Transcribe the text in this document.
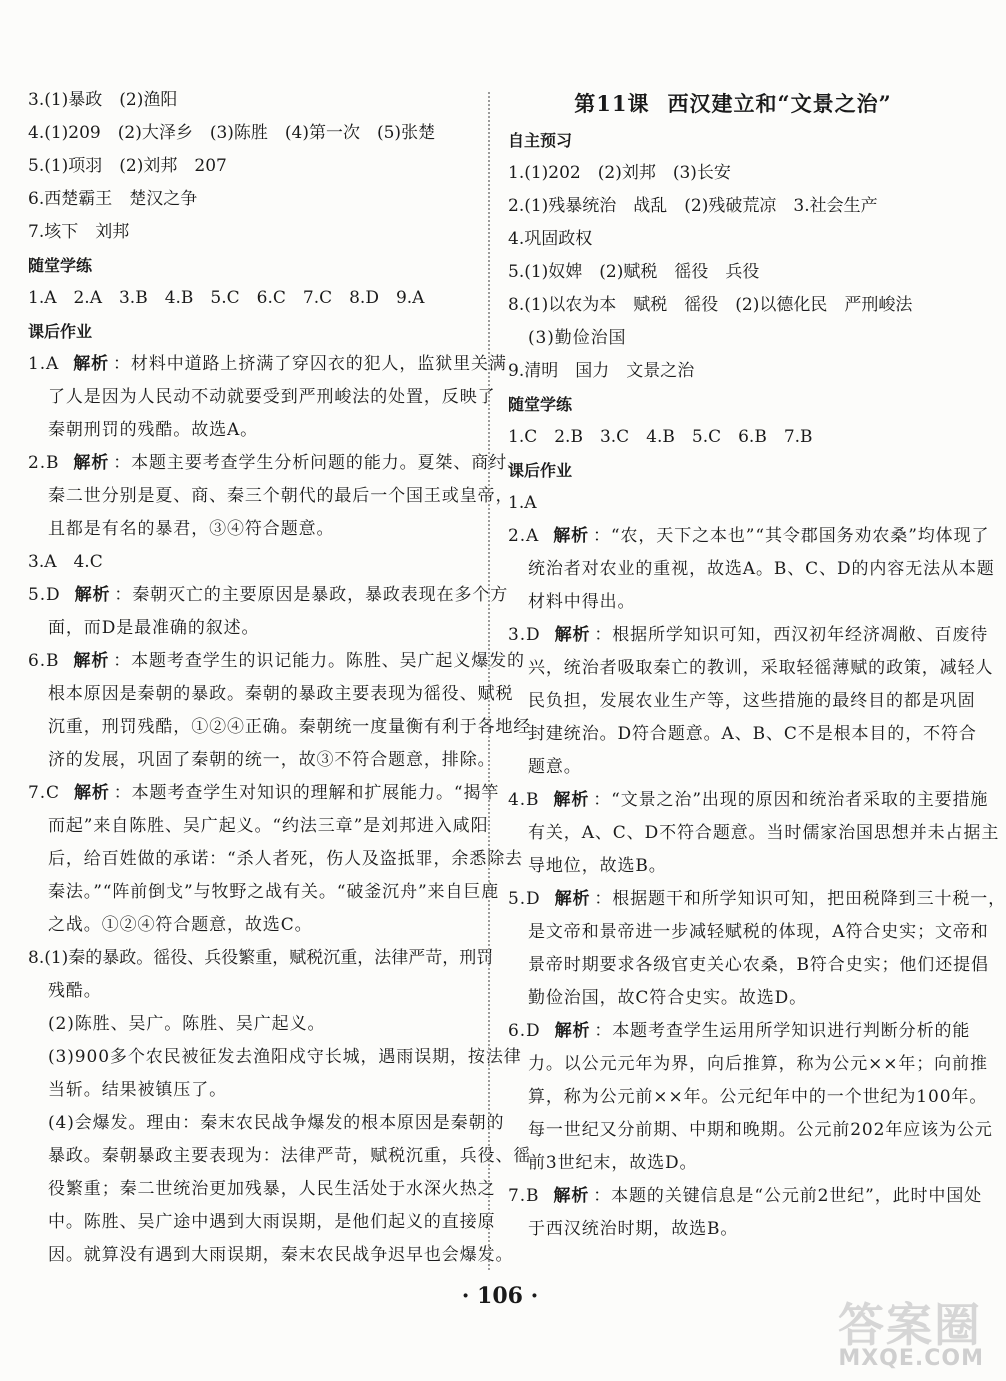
3.(1)暴政　(2)渔阳
4.(1)209　(2)大泽乡　(3)陈胜　(4)第一次　(5)张楚
5.(1)项羽　(2)刘邦　207
6.西楚霸王　楚汉之争
7.垓下　刘邦
随堂学练
1.A　2.A　3.B　4.B　5.C　6.C　7.C　8.D　9.A
课后作业
1.A 解析 ：材料中道路上挤满了穿囚衣的犯人，监狱里关满
了人是因为人民动不动就要受到严刑峻法的处置，反映了
秦朝刑罚的残酷。故选A。
2.B 解析 ：本题主要考查学生分析问题的能力。夏桀、商纣、
秦二世分别是夏、商、秦三个朝代的最后一个国王或皇帝，
且都是有名的暴君，③④符合题意。
3.A　4.C
5.D 解析 ：秦朝灭亡的主要原因是暴政，暴政表现在多个方
面，而D是最准确的叙述。
6.B 解析 ：本题考查学生的识记能力。陈胜、吴广起义爆发的
根本原因是秦朝的暴政。秦朝的暴政主要表现为徭役、赋税
沉重，刑罚残酷，①②④正确。秦朝统一度量衡有利于各地经
济的发展，巩固了秦朝的统一，故③不符合题意，排除。
7.C 解析 ：本题考查学生对知识的理解和扩展能力。“揭竿
而起”来自陈胜、吴广起义。“约法三章”是刘邦进入咸阳
后，给百姓做的承诺：“杀人者死，伤人及盗抵罪，余悉除去
秦法。”“阵前倒戈”与牧野之战有关。“破釜沉舟”来自巨鹿
之战。①②④符合题意，故选C。
8.(1)秦的暴政。徭役、兵役繁重，赋税沉重，法律严苛，刑罚
残酷。
(2)陈胜、吴广。陈胜、吴广起义。
(3)900多个农民被征发去渔阳戍守长城，遇雨误期，按法律
当斩。结果被镇压了。
(4)会爆发。理由：秦末农民战争爆发的根本原因是秦朝的
暴政。秦朝暴政主要表现为：法律严苛，赋税沉重，兵役、徭
役繁重；秦二世统治更加残暴，人民生活处于水深火热之
中。陈胜、吴广途中遇到大雨误期，是他们起义的直接原
因。就算没有遇到大雨误期，秦末农民战争迟早也会爆发。
第11课 西汉建立和“文景之治”
自主预习
1.(1)202　(2)刘邦　(3)长安
2.(1)残暴统治　战乱　(2)残破荒凉　3.社会生产
4.巩固政权
5.(1)奴婢　(2)赋税　徭役　兵役
8.(1)以农为本　赋税　徭役　(2)以德化民　严刑峻法
(3)勤俭治国
9.清明　国力　文景之治
随堂学练
1.C　2.B　3.C　4.B　5.C　6.B　7.B
课后作业
1.A
2.A 解析 ：“农，天下之本也”“其令郡国务劝农桑”均体现了
统治者对农业的重视，故选A。B、C、D的内容无法从本题
材料中得出。
3.D 解析 ：根据所学知识可知，西汉初年经济凋敝、百废待
兴，统治者吸取秦亡的教训，采取轻徭薄赋的政策，减轻人
民负担，发展农业生产等，这些措施的最终目的都是巩固
封建统治。D符合题意。A、B、C不是根本目的，不符合
题意。
4.B 解析 ：“文景之治”出现的原因和统治者采取的主要措施
有关，A、C、D不符合题意。当时儒家治国思想并未占据主
导地位，故选B。
5.D 解析 ：根据题干和所学知识可知，把田税降到三十税一，
是文帝和景帝进一步减轻赋税的体现，A符合史实；文帝和
景帝时期要求各级官吏关心农桑，B符合史实；他们还提倡
勤俭治国，故C符合史实。故选D。
6.D 解析 ：本题考查学生运用所学知识进行判断分析的能
力。以公元元年为界，向后推算，称为公元××年；向前推
算，称为公元前××年。公元纪年中的一个世纪为100年。
每一世纪又分前期、中期和晚期。公元前202年应该为公元
前3世纪末，故选D。
7.B 解析 ：本题的关键信息是“公元前2世纪”，此时中国处
于西汉统治时期，故选B。
· 106 ·
答案圈
MXQE.COM
